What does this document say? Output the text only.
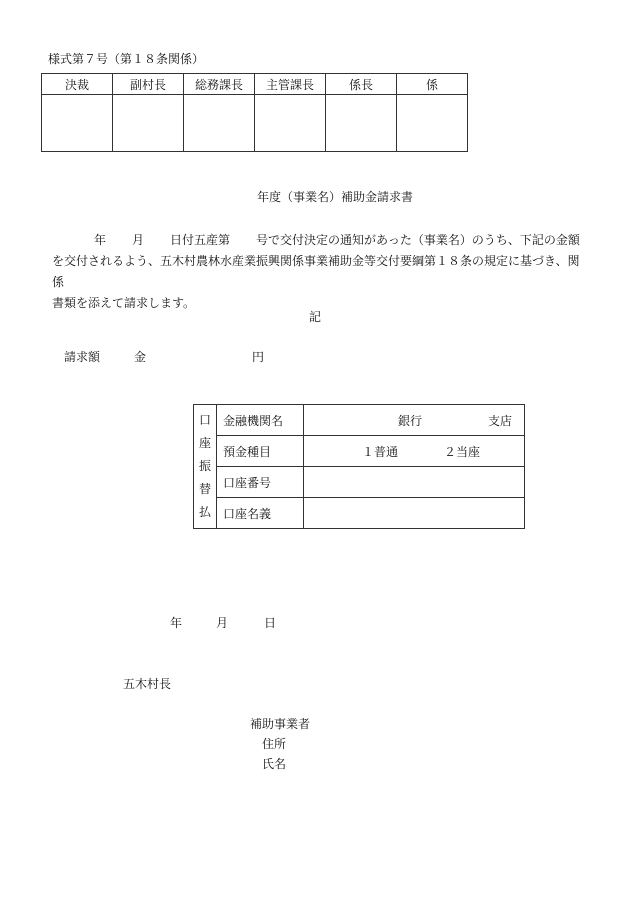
様式第７号（第１８条関係）
決裁	副村長	総務課長	主管課長	係長	係

年度（事業名）補助金請求書

年 月 日付五産第 号で交付決定の通知があった（事業名）のうち、下記の金額

を交付されるよう、五木村農林水産業振興関係事業補助金等交付要綱第１８条の規定に基づき、関係

書類を添えて請求します。

記
請求額	金	円
口
座
振
替
払	金融機関名	銀行 支店
	預金種目	１普通 ２当座
	口座番号	
	口座名義	
年	月	日
五木村長
補助事業者
住所
氏名
